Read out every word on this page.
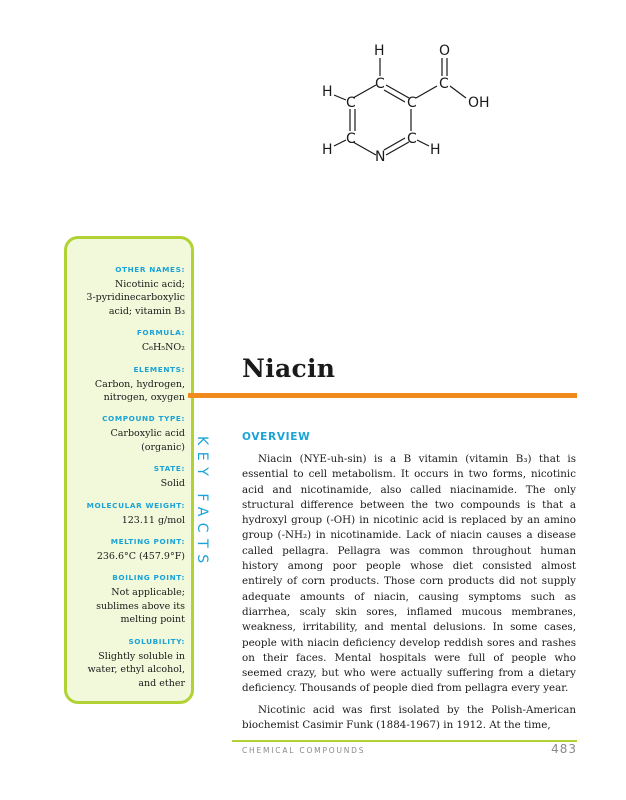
H	O
C	C
H
C	C	OH
H
C	C
H
N

OTHER NAMES:

Nicotinic acid;
3-pyridinecarboxylic
acid; vitamin B₃

FORMULA:

C₆H₅NO₂

ELEMENTS:

Carbon, hydrogen,
nitrogen, oxygen

COMPOUND TYPE:

Carboxylic acid
(organic)

STATE:

Solid

MOLECULAR WEIGHT:

123.11 g/mol

MELTING POINT:

236.6°C (457.9°F)

BOILING POINT:

Not applicable;
sublimes above its
melting point

SOLUBILITY:

Slightly soluble in
water, ethyl alcohol,
and ether

KEY FACTS
Niacin
OVERVIEW

Niacin (NYE-uh-sin) is a B vitamin (vitamin B₃) that is essential to cell metabolism. It occurs in two forms, nicotinic acid and nicotinamide, also called niacinamide. The only structural difference between the two compounds is that a hydroxyl group (-OH) in nicotinic acid is replaced by an amino group (-NH₂) in nicotinamide. Lack of niacin causes a disease called pellagra. Pellagra was common throughout human history among poor people whose diet consisted almost entirely of corn products. Those corn products did not supply adequate amounts of niacin, causing symptoms such as diarrhea, scaly skin sores, inflamed mucous membranes, weakness, irritability, and mental delusions. In some cases, people with niacin deficiency develop reddish sores and rashes on their faces. Mental hospitals were full of people who seemed crazy, but who were actually suffering from a dietary deficiency. Thousands of people died from pellagra every year.

Nicotinic acid was first isolated by the Polish-American biochemist Casimir Funk (1884-1967) in 1912. At the time,

CHEMICAL COMPOUNDS	483
